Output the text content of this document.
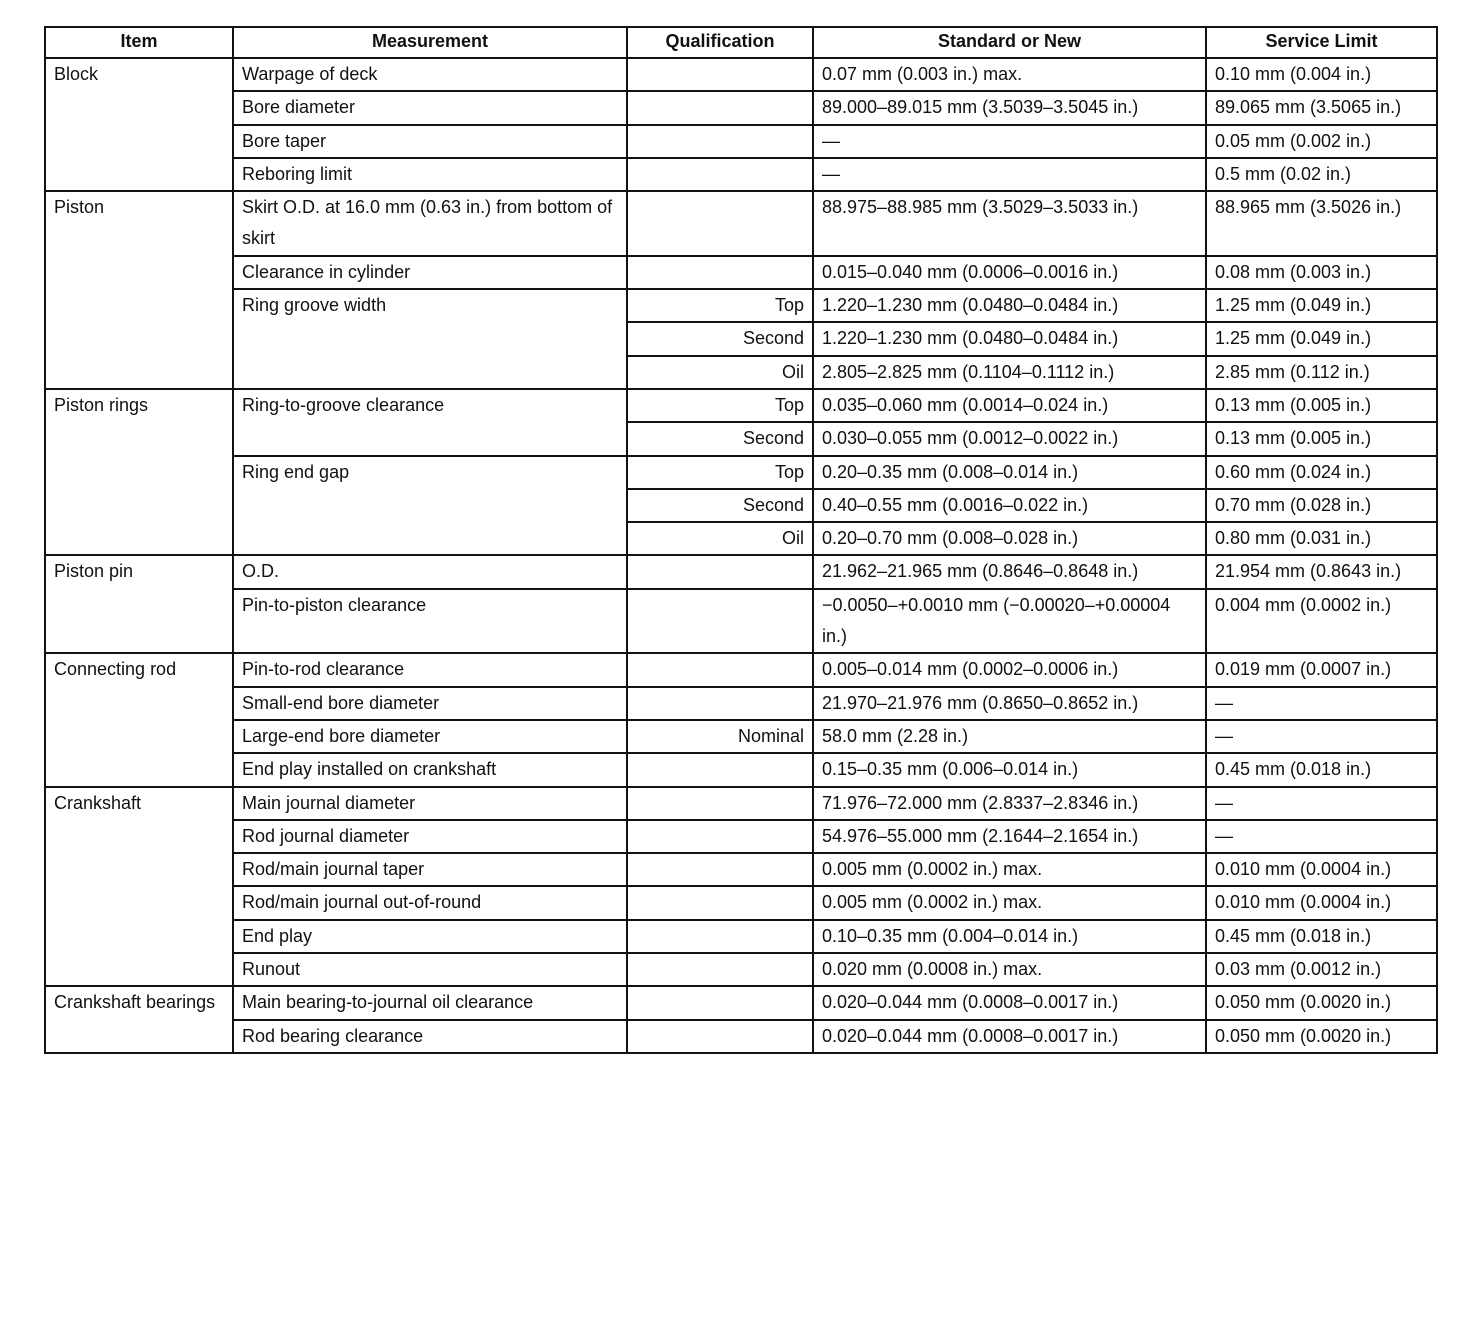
Item	Measurement	Qualification	Standard or New	Service Limit
Block	Warpage of deck		0.07 mm (0.003 in.) max.	0.10 mm (0.004 in.)
	Bore diameter		89.000–89.015 mm (3.5039–3.5045 in.)	89.065 mm (3.5065 in.)
	Bore taper		—	0.05 mm (0.002 in.)
	Reboring limit		—	0.5 mm (0.02 in.)
Piston	Skirt O.D. at 16.0 mm (0.63 in.) from bottom of skirt		88.975–88.985 mm (3.5029–3.5033 in.)	88.965 mm (3.5026 in.)
	Clearance in cylinder		0.015–0.040 mm (0.0006–0.0016 in.)	0.08 mm (0.003 in.)
	Ring groove width	Top	1.220–1.230 mm (0.0480–0.0484 in.)	1.25 mm (0.049 in.)
		Second	1.220–1.230 mm (0.0480–0.0484 in.)	1.25 mm (0.049 in.)
		Oil	2.805–2.825 mm (0.1104–0.1112 in.)	2.85 mm (0.112 in.)
Piston rings	Ring-to-groove clearance	Top	0.035–0.060 mm (0.0014–0.024 in.)	0.13 mm (0.005 in.)
		Second	0.030–0.055 mm (0.0012–0.0022 in.)	0.13 mm (0.005 in.)
	Ring end gap	Top	0.20–0.35 mm (0.008–0.014 in.)	0.60 mm (0.024 in.)
		Second	0.40–0.55 mm (0.0016–0.022 in.)	0.70 mm (0.028 in.)
		Oil	0.20–0.70 mm (0.008–0.028 in.)	0.80 mm (0.031 in.)
Piston pin	O.D.		21.962–21.965 mm (0.8646–0.8648 in.)	21.954 mm (0.8643 in.)
	Pin-to-piston clearance		−0.0050–+0.0010 mm (−0.00020–+0.00004 in.)	0.004 mm (0.0002 in.)
Connecting rod	Pin-to-rod clearance		0.005–0.014 mm (0.0002–0.0006 in.)	0.019 mm (0.0007 in.)
	Small-end bore diameter		21.970–21.976 mm (0.8650–0.8652 in.)	—
	Large-end bore diameter	Nominal	58.0 mm (2.28 in.)	—
	End play installed on crankshaft		0.15–0.35 mm (0.006–0.014 in.)	0.45 mm (0.018 in.)
Crankshaft	Main journal diameter		71.976–72.000 mm (2.8337–2.8346 in.)	—
	Rod journal diameter		54.976–55.000 mm (2.1644–2.1654 in.)	—
	Rod/main journal taper		0.005 mm (0.0002 in.) max.	0.010 mm (0.0004 in.)
	Rod/main journal out-of-round		0.005 mm (0.0002 in.) max.	0.010 mm (0.0004 in.)
	End play		0.10–0.35 mm (0.004–0.014 in.)	0.45 mm (0.018 in.)
	Runout		0.020 mm (0.0008 in.) max.	0.03 mm (0.0012 in.)
Crankshaft bearings	Main bearing-to-journal oil clearance		0.020–0.044 mm (0.0008–0.0017 in.)	0.050 mm (0.0020 in.)
	Rod bearing clearance		0.020–0.044 mm (0.0008–0.0017 in.)	0.050 mm (0.0020 in.)
